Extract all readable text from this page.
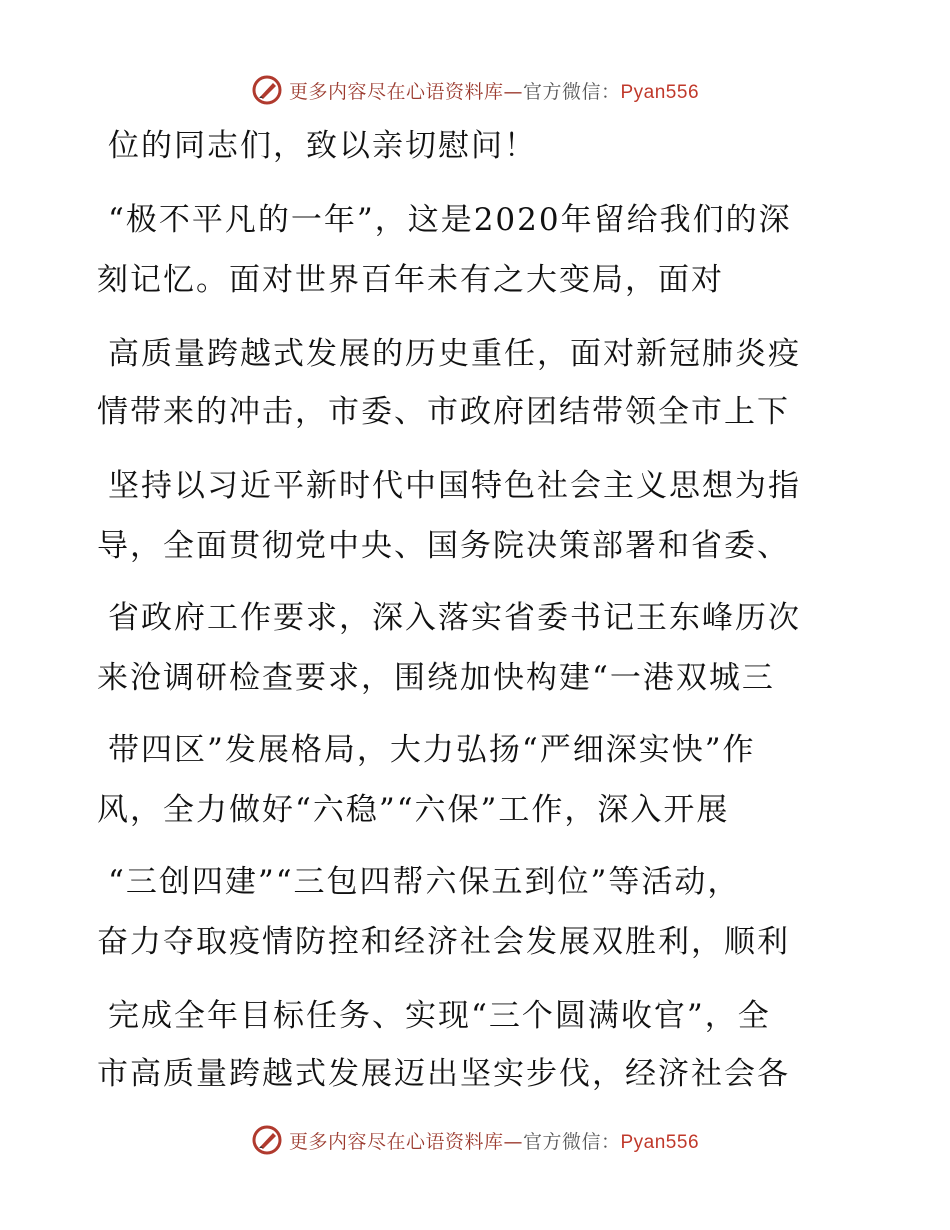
更多内容尽在心语资料库—官方微信：Pyan556
位的同志们，致以亲切慰问！
“极不平凡的一年”，这是2020年留给我们的深
刻记忆。面对世界百年未有之大变局，面对
高质量跨越式发展的历史重任，面对新冠肺炎疫
情带来的冲击，市委、市政府团结带领全市上下
坚持以习近平新时代中国特色社会主义思想为指
导，全面贯彻党中央、国务院决策部署和省委、
省政府工作要求，深入落实省委书记王东峰历次
来沧调研检查要求，围绕加快构建“一港双城三
带四区”发展格局，大力弘扬“严细深实快”作
风，全力做好“六稳”“六保”工作，深入开展
“三创四建”“三包四帮六保五到位”等活动，
奋力夺取疫情防控和经济社会发展双胜利，顺利
完成全年目标任务、实现“三个圆满收官”，全
市高质量跨越式发展迈出坚实步伐，经济社会各
更多内容尽在心语资料库—官方微信：Pyan556
